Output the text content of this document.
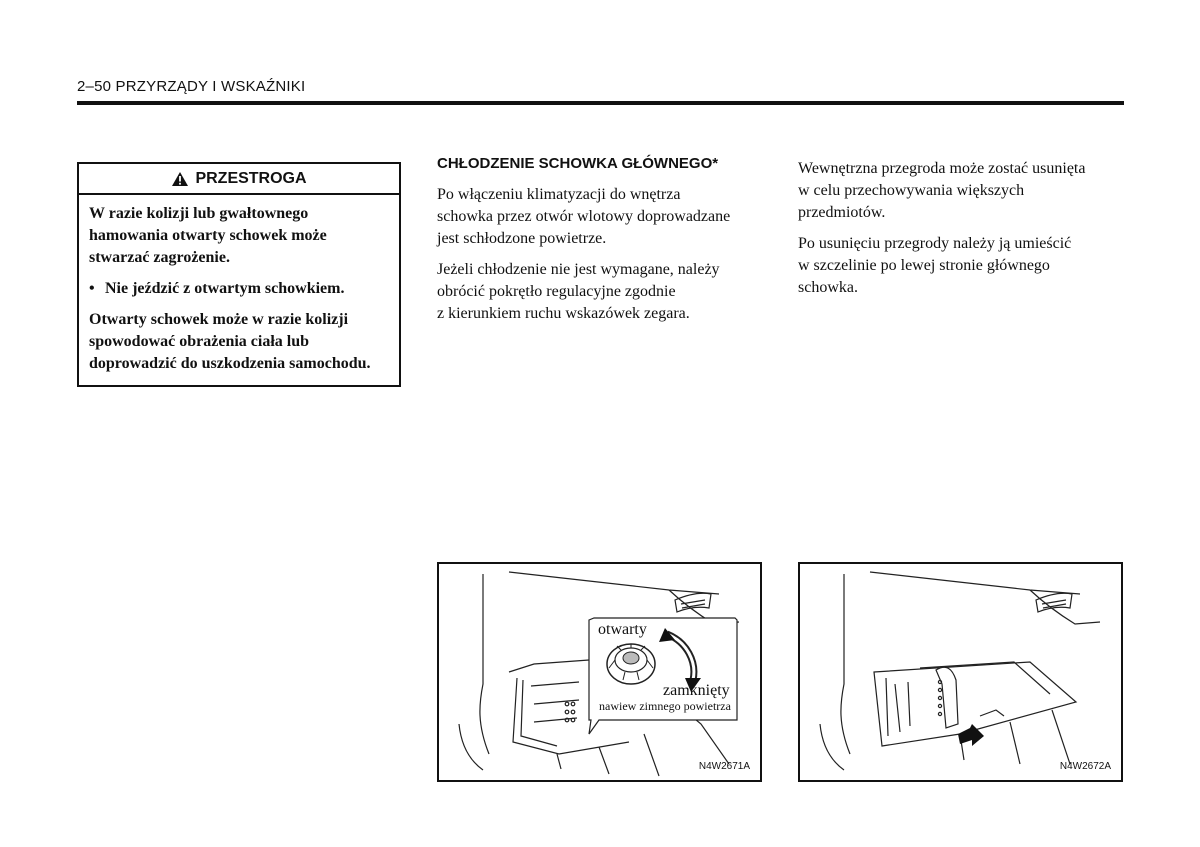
2–50 PRZYRZĄDY I WSKAŹNIKI
PRZESTROGA

W razie kolizji lub gwałtownego
hamowania otwarty schowek może
stwarzać zagrożenie.

• Nie jeździć z otwartym schowkiem.

Otwarty schowek może w razie kolizji
spowodować obrażenia ciała lub
doprowadzić do uszkodzenia samochodu.

CHŁODZENIE SCHOWKA GŁÓWNEGO*

Po włączeniu klimatyzacji do wnętrza
schowka przez otwór wlotowy doprowadzane
jest schłodzone powietrze.

Jeżeli chłodzenie nie jest wymagane, należy
obrócić pokrętło regulacyjne zgodnie
z kierunkiem ruchu wskazówek zegara.

Wewnętrzna przegroda może zostać usunięta
w celu przechowywania większych
przedmiotów.

Po usunięciu przegrody należy ją umieścić
w szczelinie po lewej stronie głównego
schowka.

otwarty
zamknięty
nawiew zimnego powietrza
N4W2671A	N4W2672A
